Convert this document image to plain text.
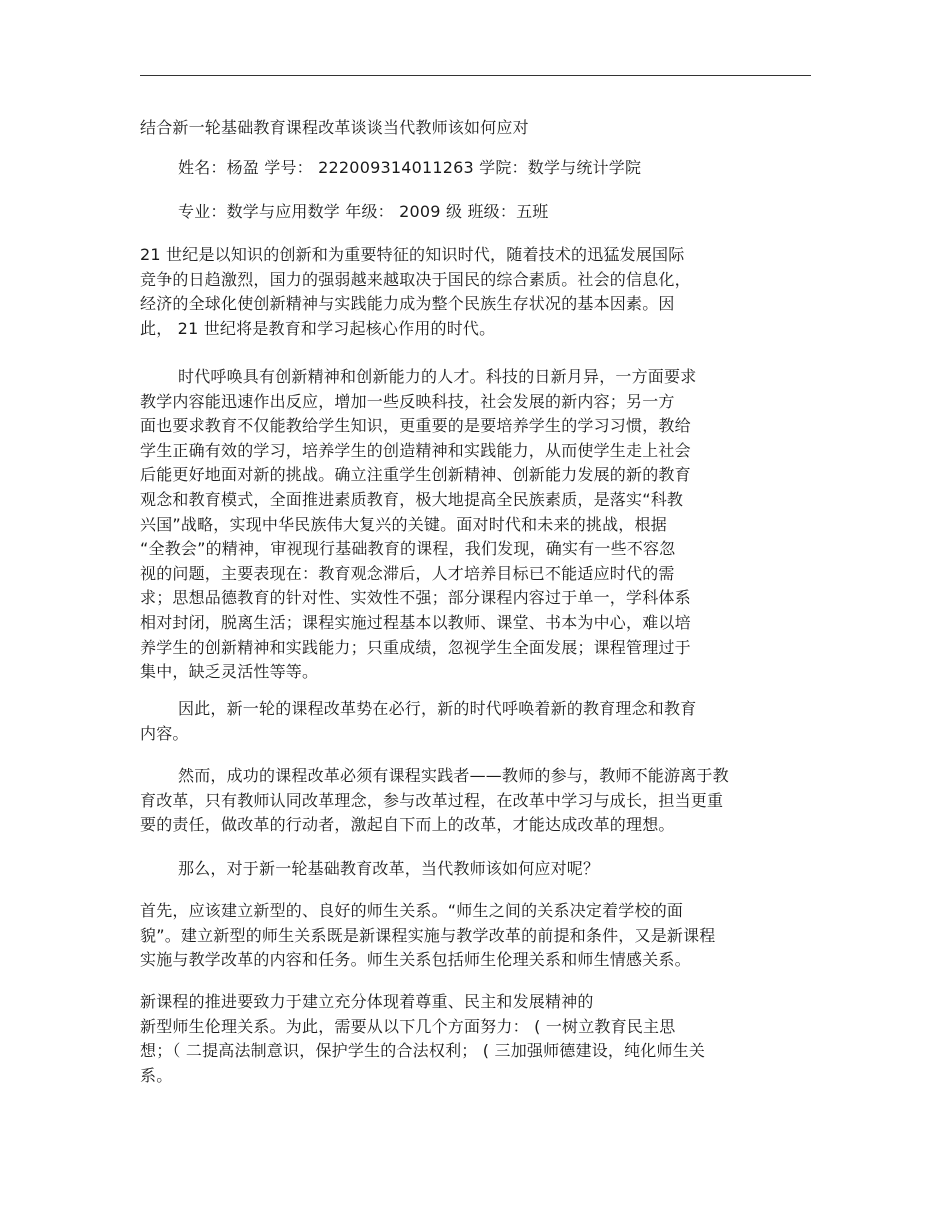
结合新一轮基础教育课程改革谈谈当代教师该如何应对
姓名：杨盈 学号： 222009314011263 学院：数学与统计学院
专业：数学与应用数学 年级： 2009 级 班级：五班

21 世纪是以知识的创新和为重要特征的知识时代，随着技术的迅猛发展国际
竞争的日趋激烈，国力的强弱越来越取决于国民的综合素质。社会的信息化，
经济的全球化使创新精神与实践能力成为整个民族生存状况的基本因素。因
此， 21 世纪将是教育和学习起核心作用的时代。

时代呼唤具有创新精神和创新能力的人才。科技的日新月异，一方面要求
教学内容能迅速作出反应，增加一些反映科技，社会发展的新内容；另一方
面也要求教育不仅能教给学生知识，更重要的是要培养学生的学习习惯，教给
学生正确有效的学习，培养学生的创造精神和实践能力，从而使学生走上社会
后能更好地面对新的挑战。确立注重学生创新精神、创新能力发展的新的教育
观念和教育模式，全面推进素质教育，极大地提高全民族素质，是落实“科教
兴国”战略，实现中华民族伟大复兴的关键。面对时代和未来的挑战，根据
“全教会”的精神，审视现行基础教育的课程，我们发现，确实有一些不容忽
视的问题，主要表现在：教育观念滞后，人才培养目标已不能适应时代的需
求；思想品德教育的针对性、实效性不强；部分课程内容过于单一，学科体系
相对封闭，脱离生活；课程实施过程基本以教师、课堂、书本为中心，难以培
养学生的创新精神和实践能力；只重成绩，忽视学生全面发展；课程管理过于
集中，缺乏灵活性等等。

因此，新一轮的课程改革势在必行，新的时代呼唤着新的教育理念和教育
内容。

然而，成功的课程改革必须有课程实践者——教师的参与，教师不能游离于教
育改革，只有教师认同改革理念，参与改革过程，在改革中学习与成长，担当更重
要的责任，做改革的行动者，激起自下而上的改革，才能达成改革的理想。

那么，对于新一轮基础教育改革，当代教师该如何应对呢？

首先，应该建立新型的、良好的师生关系。“师生之间的关系决定着学校的面
貌”。建立新型的师生关系既是新课程实施与教学改革的前提和条件，又是新课程
实施与教学改革的内容和任务。师生关系包括师生伦理关系和师生情感关系。

新课程的推进要致力于建立充分体现着尊重、民主和发展精神的
新型师生伦理关系。为此，需要从以下几个方面努力： ( 一树立教育民主思
想；（ 二提高法制意识，保护学生的合法权利； ( 三加强师德建设，纯化师生关
系。
